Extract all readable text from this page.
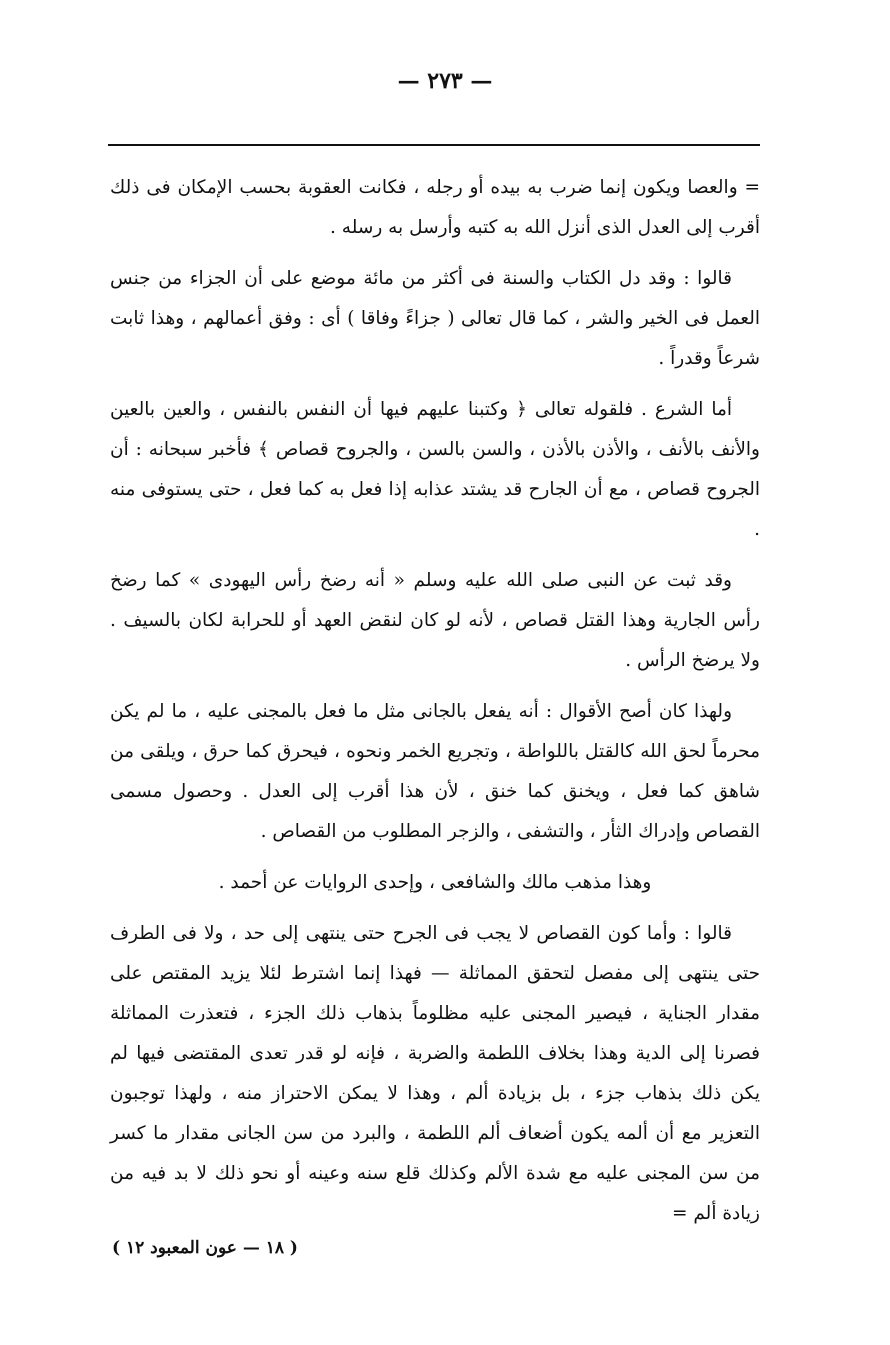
— ٢٧٣ —

= والعصا ويكون إنما ضرب به بيده أو رجله ، فكانت العقوبة بحسب الإمكان فى ذلك أقرب إلى العدل الذى أنزل الله به كتبه وأرسل به رسله .

قالوا : وقد دل الكتاب والسنة فى أكثر من مائة موضع على أن الجزاء من جنس العمل فى الخير والشر ، كما قال تعالى ( جزاءً وفاقا ) أى : وفق أعمالهم ، وهذا ثابت شرعاً وقدراً .

أما الشرع . فلقوله تعالى ﴿ وكتبنا عليهم فيها أن النفس بالنفس ، والعين بالعين والأنف بالأنف ، والأذن بالأذن ، والسن بالسن ، والجروح قصاص ﴾ فأخبر سبحانه : أن الجروح قصاص ، مع أن الجارح قد يشتد عذابه إذا فعل به كما فعل ، حتى يستوفى منه .

وقد ثبت عن النبى صلى الله عليه وسلم « أنه رضخ رأس اليهودى » كما رضخ رأس الجارية وهذا القتل قصاص ، لأنه لو كان لنقض العهد أو للحرابة لكان بالسيف . ولا يرضخ الرأس .

ولهذا كان أصح الأقوال : أنه يفعل بالجانى مثل ما فعل بالمجنى عليه ، ما لم يكن محرماً لحق الله كالقتل باللواطة ، وتجريع الخمر ونحوه ، فيحرق كما حرق ، ويلقى من شاهق كما فعل ، ويخنق كما خنق ، لأن هذا أقرب إلى العدل . وحصول مسمى القصاص وإدراك الثأر ، والتشفى ، والزجر المطلوب من القصاص .

وهذا مذهب مالك والشافعى ، وإحدى الروايات عن أحمد .

قالوا : وأما كون القصاص لا يجب فى الجرح حتى ينتهى إلى حد ، ولا فى الطرف حتى ينتهى إلى مفصل لتحقق المماثلة — فهذا إنما اشترط لئلا يزيد المقتص على مقدار الجناية ، فيصير المجنى عليه مظلوماً بذهاب ذلك الجزء ، فتعذرت المماثلة فصرنا إلى الدية وهذا بخلاف اللطمة والضربة ، فإنه لو قدر تعدى المقتضى فيها لم يكن ذلك بذهاب جزء ، بل بزيادة ألم ، وهذا لا يمكن الاحتراز منه ، ولهذا توجبون التعزير مع أن ألمه يكون أضعاف ألم اللطمة ، والبرد من سن الجانى مقدار ما كسر من سن المجنى عليه مع شدة الألم وكذلك قلع سنه وعينه أو نحو ذلك لا بد فيه من زيادة ألم =

( ١٨ — عون المعبود ١٢ )
